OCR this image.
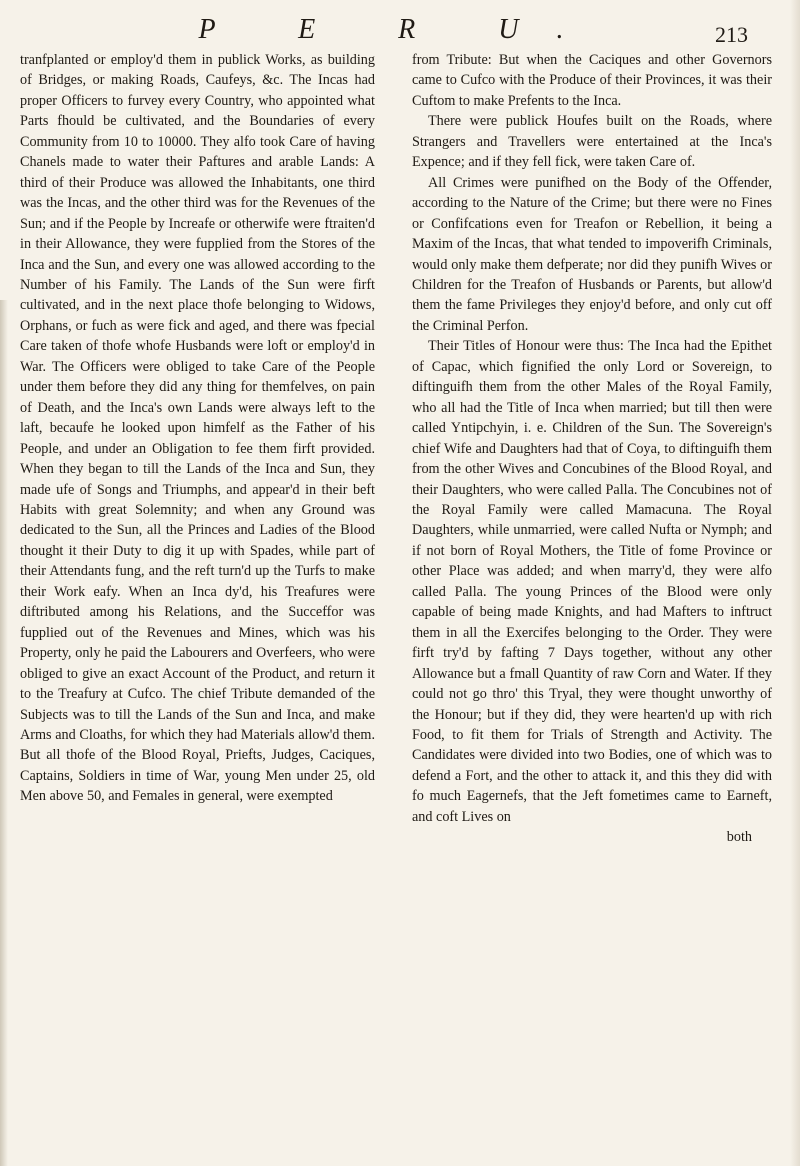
P E R U.	213

tranfplanted or employ'd them in publick Works, as building of Bridges, or making Roads, Caufeys, &c. The Incas had proper Officers to furvey every Country, who appointed what Parts fhould be cultivated, and the Boundaries of every Community from 10 to 10000. They alfo took Care of having Chanels made to water their Paftures and arable Lands: A third of their Produce was allowed the Inhabitants, one third was the Incas, and the other third was for the Revenues of the Sun; and if the People by Increafe or otherwife were ftraiten'd in their Allowance, they were fupplied from the Stores of the Inca and the Sun, and every one was allowed according to the Number of his Family. The Lands of the Sun were firft cultivated, and in the next place thofe belonging to Widows, Orphans, or fuch as were fick and aged, and there was fpecial Care taken of thofe whofe Husbands were loft or employ'd in War. The Officers were obliged to take Care of the People under them before they did any thing for themfelves, on pain of Death, and the Inca's own Lands were always left to the laft, becaufe he looked upon himfelf as the Father of his People, and under an Obligation to fee them firft provided. When they began to till the Lands of the Inca and Sun, they made ufe of Songs and Triumphs, and appear'd in their beft Habits with great Solemnity; and when any Ground was dedicated to the Sun, all the Princes and Ladies of the Blood thought it their Duty to dig it up with Spades, while part of their Attendants fung, and the reft turn'd up the Turfs to make their Work eafy. When an Inca dy'd, his Treafures were diftributed among his Relations, and the Succeffor was fupplied out of the Revenues and Mines, which was his Property, only he paid the Labourers and Overfeers, who were obliged to give an exact Account of the Product, and return it to the Treafury at Cufco. The chief Tribute demanded of the Subjects was to till the Lands of the Sun and Inca, and make Arms and Cloaths, for which they had Materials allow'd them. But all thofe of the Blood Royal, Priefts, Judges, Caciques, Captains, Soldiers in time of War, young Men under 25, old Men above 50, and Females in general, were exempted

from Tribute: But when the Caciques and other Governors came to Cufco with the Produce of their Provinces, it was their Cuftom to make Prefents to the Inca.

There were publick Houfes built on the Roads, where Strangers and Travellers were entertained at the Inca's Expence; and if they fell fick, were taken Care of.

All Crimes were punifhed on the Body of the Offender, according to the Nature of the Crime; but there were no Fines or Confifcations even for Treafon or Rebellion, it being a Maxim of the Incas, that what tended to impoverifh Criminals, would only make them defperate; nor did they punifh Wives or Children for the Treafon of Husbands or Parents, but allow'd them the fame Privileges they enjoy'd before, and only cut off the Criminal Perfon.

Their Titles of Honour were thus: The Inca had the Epithet of Capac, which fignified the only Lord or Sovereign, to diftinguifh them from the other Males of the Royal Family, who all had the Title of Inca when married; but till then were called Yntipchyin, i. e. Children of the Sun. The Sovereign's chief Wife and Daughters had that of Coya, to diftinguifh them from the other Wives and Concubines of the Blood Royal, and their Daughters, who were called Palla. The Concubines not of the Royal Family were called Mamacuna. The Royal Daughters, while unmarried, were called Nufta or Nymph; and if not born of Royal Mothers, the Title of fome Province or other Place was added; and when marry'd, they were alfo called Palla. The young Princes of the Blood were only capable of being made Knights, and had Mafters to inftruct them in all the Exercifes belonging to the Order. They were firft try'd by fafting 7 Days together, without any other Allowance but a fmall Quantity of raw Corn and Water. If they could not go thro' this Tryal, they were thought unworthy of the Honour; but if they did, they were hearten'd up with rich Food, to fit them for Trials of Strength and Activity. The Candidates were divided into two Bodies, one of which was to defend a Fort, and the other to attack it, and this they did with fo much Eagernefs, that the Jeft fometimes came to Earneft, and coft Lives on

both
